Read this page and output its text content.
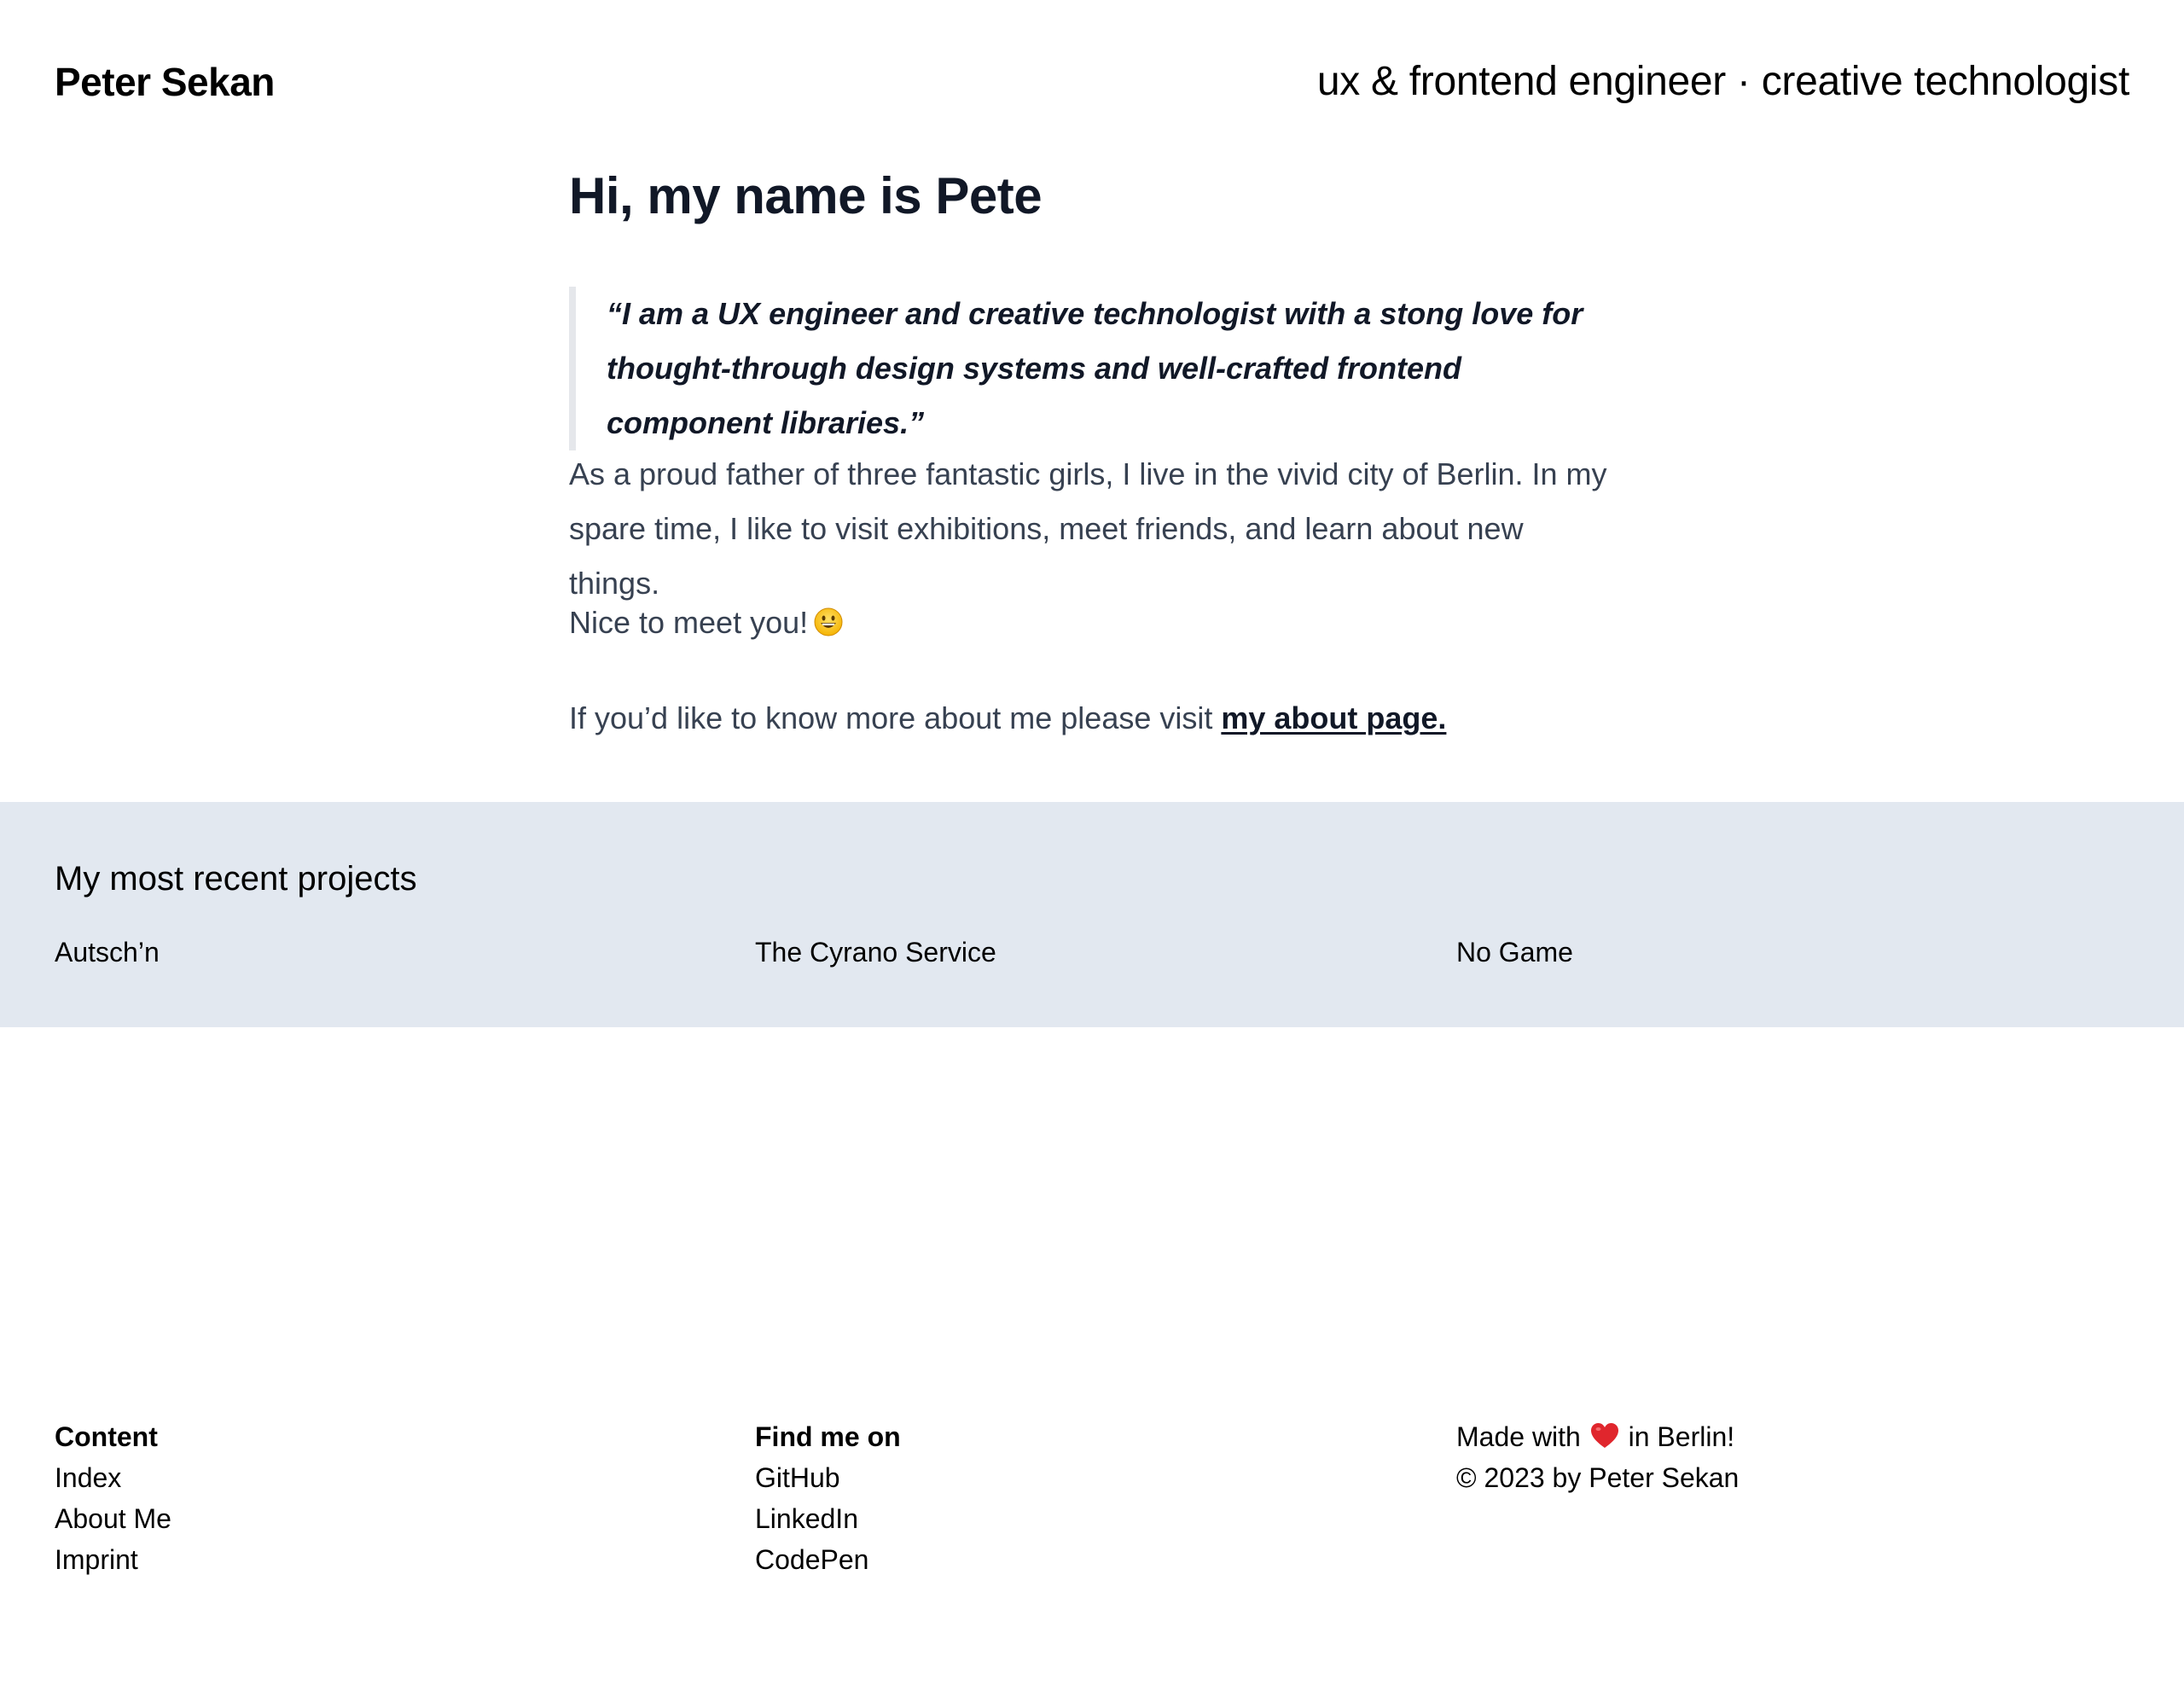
Peter Sekan	ux & frontend engineer · creative technologist
Hi, my name is Pete
“I am a UX engineer and creative technologist with a stong love for thought-through design systems and well-crafted frontend component libraries.”

As a proud father of three fantastic girls, I live in the vivid city of Berlin. In my spare time, I like to visit exhibitions, meet friends, and learn about new things.

Nice to meet you!

If you’d like to know more about me please visit my about page.

My most recent projects
Autsch’n	The Cyrano Service	No Game
Content
Index
About Me
Imprint
Find me on
GitHub
LinkedIn
CodePen
Made with in Berlin!
© 2023 by Peter Sekan
